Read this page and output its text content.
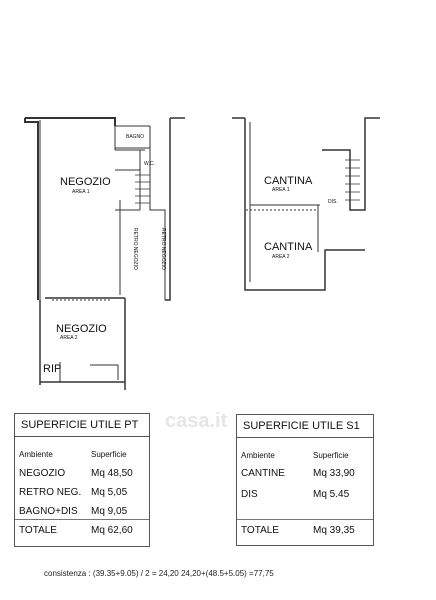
NEGOZIO
AREA 1
BAGNO
W.C.
RETRO NEGOZIO	RETRO NEGOZIO
NEGOZIO
AREA 2
RIP
CANTINA
AREA 1
DIS.
CANTINA
AREA 2
casa.it
SUPERFICIE UTILE PT
Ambiente	Superficie
NEGOZIO	Mq 48,50
RETRO NEG. Mq 5,05
BAGNO+DIS Mq 9,05
TOTALE	Mq 62,60
SUPERFICIE UTILE S1
Ambiente	Superficie
CANTINE	Mq 33,90
DIS	Mq 5.45
TOTALE	Mq 39,35
consistenza : (39.35+9.05) / 2 = 24,20 24,20+(48.5+5.05) =77,75
